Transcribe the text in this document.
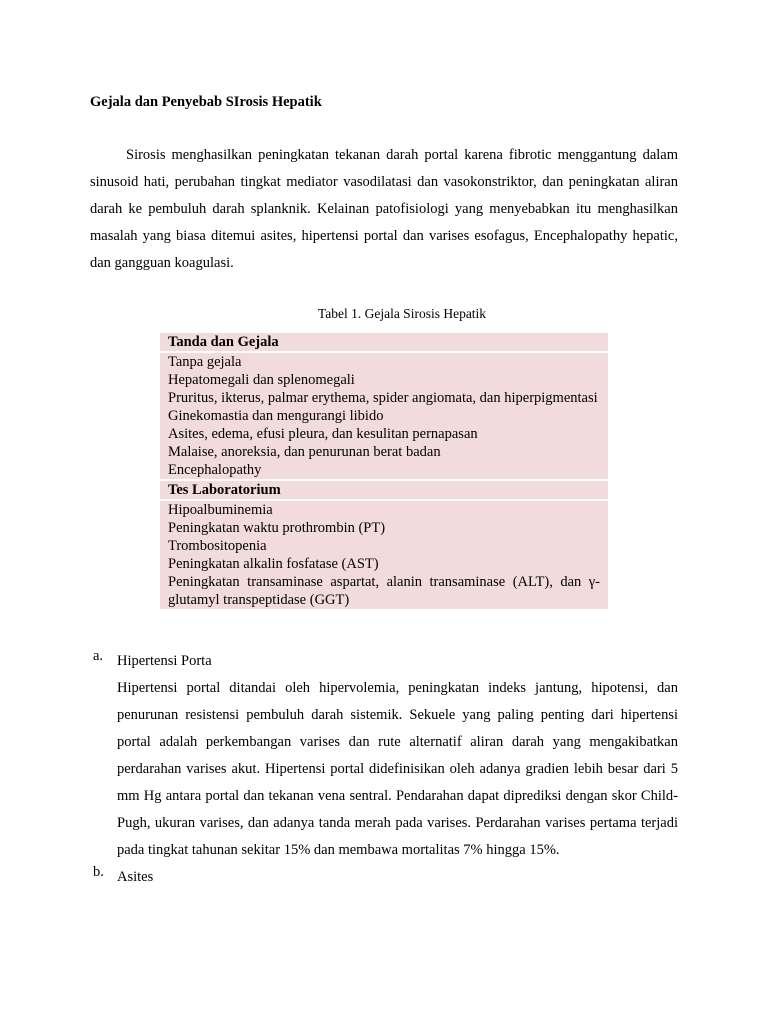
Gejala dan Penyebab SIrosis Hepatik

Sirosis menghasilkan peningkatan tekanan darah portal karena fibrotic menggantung dalam sinusoid hati, perubahan tingkat mediator vasodilatasi dan vasokonstriktor, dan peningkatan aliran darah ke pembuluh darah splanknik. Kelainan patofisiologi yang menyebabkan itu menghasilkan masalah yang biasa ditemui asites, hipertensi portal dan varises esofagus, Encephalopathy hepatic, dan gangguan koagulasi.

Tabel 1. Gejala Sirosis Hepatik

Tanda dan Gejala

Tanpa gejala
Hepatomegali dan splenomegali
Pruritus, ikterus, palmar erythema, spider angiomata, dan hiperpigmentasi
Ginekomastia dan mengurangi libido
Asites, edema, efusi pleura, dan kesulitan pernapasan
Malaise, anoreksia, dan penurunan berat badan
Encephalopathy

Tes Laboratorium

Hipoalbuminemia
Peningkatan waktu prothrombin (PT)
Trombositopenia
Peningkatan alkalin fosfatase (AST)
Peningkatan transaminase aspartat, alanin transaminase (ALT), dan γ-glutamyl transpeptidase (GGT)
a. Hipertensi Porta
Hipertensi portal ditandai oleh hipervolemia, peningkatan indeks jantung, hipotensi, dan penurunan resistensi pembuluh darah sistemik. Sekuele yang paling penting dari hipertensi portal adalah perkembangan varises dan rute alternatif aliran darah yang mengakibatkan perdarahan varises akut. Hipertensi portal didefinisikan oleh adanya gradien lebih besar dari 5 mm Hg antara portal dan tekanan vena sentral. Pendarahan dapat diprediksi dengan skor Child-Pugh, ukuran varises, dan adanya tanda merah pada varises. Perdarahan varises pertama terjadi pada tingkat tahunan sekitar 15% dan membawa mortalitas 7% hingga 15%.
b. Asites
